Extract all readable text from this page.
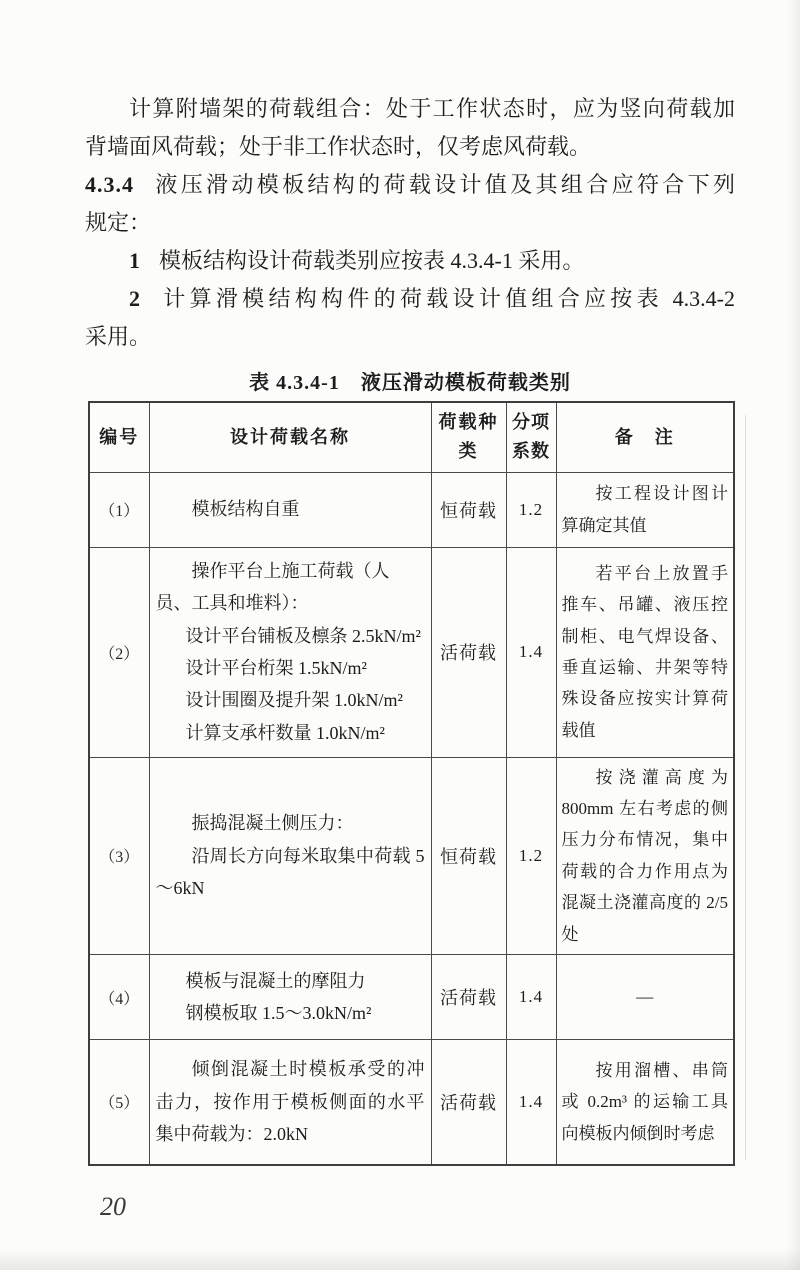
计算附墙架的荷载组合：处于工作状态时，应为竖向荷载加
背墙面风荷载；处于非工作状态时，仅考虑风荷载。
4.3.4 液压滑动模板结构的荷载设计值及其组合应符合下列
规定：
1 模板结构设计荷载类别应按表 4.3.4-1 采用。
2 计算滑模结构构件的荷载设计值组合应按表 4.3.4-2
采用。
表 4.3.4-1　液压滑动模板荷载类别
编号	设计荷载名称	荷载种类	分项系数	备　注
（1）	模板结构自重	恒荷载	1.2	按工程设计图计算确定其值

（2）	操作平台上施工荷载（人员、工具和堆料）：

设计平台铺板及檩条 2.5kN/m²

设计平台桁架 1.5kN/m²

设计围圈及提升架 1.0kN/m²

计算支承杆数量 1.0kN/m²	活荷载	1.4	若平台上放置手推车、吊罐、液压控制柜、电气焊设备、垂直运输、井架等特殊设备应按实计算荷载值

（3）	振捣混凝土侧压力：

沿周长方向每米取集中荷载 5～6kN	恒荷载	1.2	按浇灌高度为 800mm 左右考虑的侧压力分布情况，集中荷载的合力作用点为混凝土浇灌高度的 2/5 处

（4）	模板与混凝土的摩阻力

钢模板取 1.5～3.0kN/m²	活荷载	1.4	—

（5）	倾倒混凝土时模板承受的冲击力，按作用于模板侧面的水平集中荷载为：2.0kN	活荷载	1.4	按用溜槽、串筒或 0.2m³ 的运输工具向模板内倾倒时考虑

20
